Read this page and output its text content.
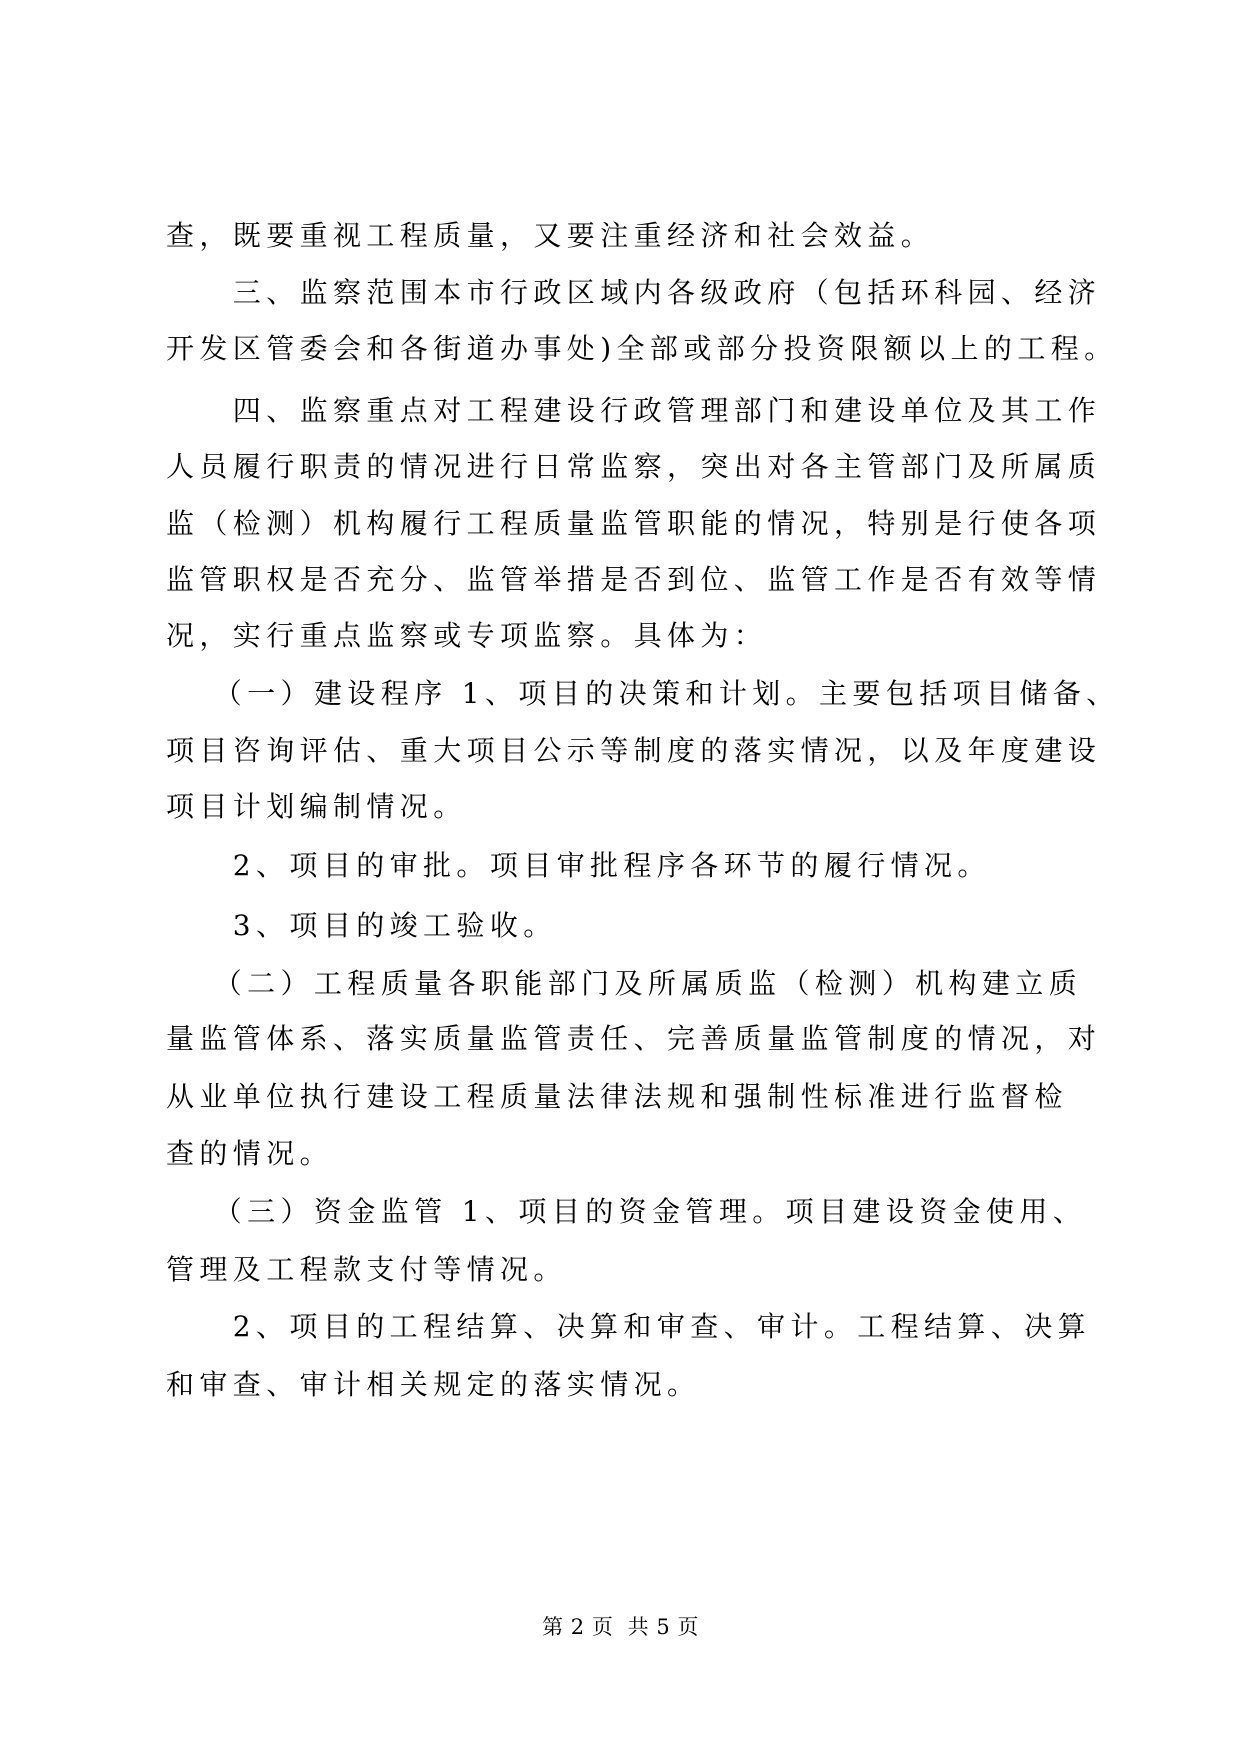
查，既要重视工程质量，又要注重经济和社会效益。
　　三、监察范围本市行政区域内各级政府（包括环科园、经济
开发区管委会和各街道办事处)全部或部分投资限额以上的工程。
　　四、监察重点对工程建设行政管理部门和建设单位及其工作
人员履行职责的情况进行日常监察，突出对各主管部门及所属质
监（检测）机构履行工程质量监管职能的情况，特别是行使各项
监管职权是否充分、监管举措是否到位、监管工作是否有效等情
况，实行重点监察或专项监察。具体为：
　 （一）建设程序 1、项目的决策和计划。主要包括项目储备、
项目咨询评估、重大项目公示等制度的落实情况，以及年度建设
项目计划编制情况。
　　2、项目的审批。项目审批程序各环节的履行情况。
　　3、项目的竣工验收。
　 （二）工程质量各职能部门及所属质监（检测）机构建立质
量监管体系、落实质量监管责任、完善质量监管制度的情况，对
从业单位执行建设工程质量法律法规和强制性标准进行监督检
查的情况。
　 （三）资金监管 1、项目的资金管理。项目建设资金使用、
管理及工程款支付等情况。
　　2、项目的工程结算、决算和审查、审计。工程结算、决算
和审查、审计相关规定的落实情况。
第 2 页  共 5 页
